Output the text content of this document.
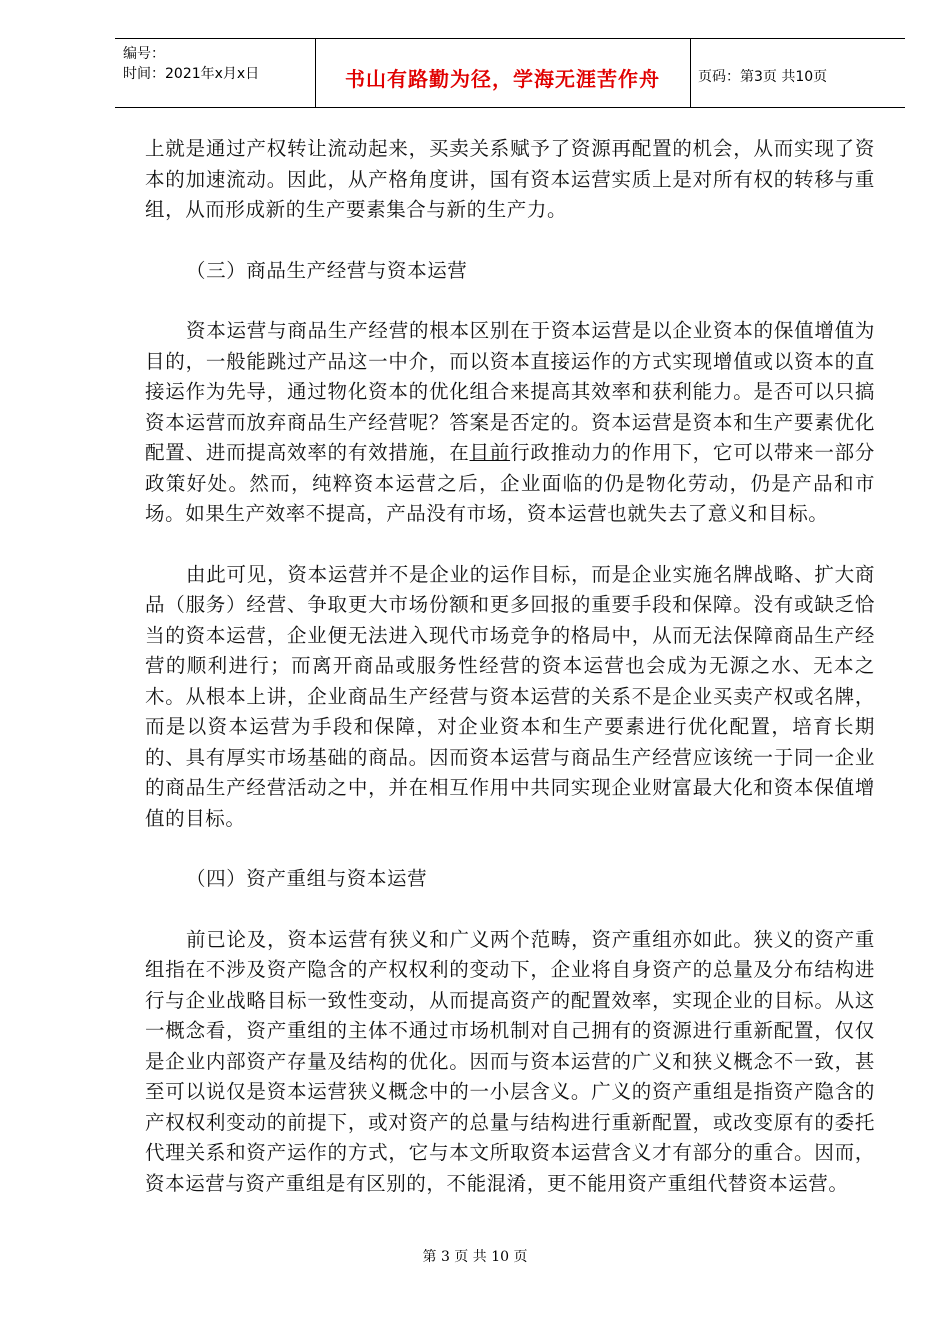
编号：
时间：2021年x月x日	书山有路勤为径，学海无涯苦作舟	页码：第3页 共10页

上就是通过产权转让流动起来，买卖关系赋予了资源再配置的机会，从而实现了资本的加速流动。因此，从产格角度讲，国有资本运营实质上是对所有权的转移与重组，从而形成新的生产要素集合与新的生产力。

（三）商品生产经营与资本运营

资本运营与商品生产经营的根本区别在于资本运营是以企业资本的保值增值为目的，一般能跳过产品这一中介，而以资本直接运作的方式实现增值或以资本的直接运作为先导，通过物化资本的优化组合来提高其效率和获利能力。是否可以只搞资本运营而放弃商品生产经营呢？答案是否定的。资本运营是资本和生产要素优化配置、进而提高效率的有效措施，在目前行政推动力的作用下，它可以带来一部分政策好处。然而，纯粹资本运营之后，企业面临的仍是物化劳动，仍是产品和市场。如果生产效率不提高，产品没有市场，资本运营也就失去了意义和目标。

由此可见，资本运营并不是企业的运作目标，而是企业实施名牌战略、扩大商品（服务）经营、争取更大市场份额和更多回报的重要手段和保障。没有或缺乏恰当的资本运营，企业便无法进入现代市场竞争的格局中，从而无法保障商品生产经营的顺利进行；而离开商品或服务性经营的资本运营也会成为无源之水、无本之木。从根本上讲，企业商品生产经营与资本运营的关系不是企业买卖产权或名牌，而是以资本运营为手段和保障，对企业资本和生产要素进行优化配置，培育长期的、具有厚实市场基础的商品。因而资本运营与商品生产经营应该统一于同一企业的商品生产经营活动之中，并在相互作用中共同实现企业财富最大化和资本保值增值的目标。

（四）资产重组与资本运营

前已论及，资本运营有狭义和广义两个范畴，资产重组亦如此。狭义的资产重组指在不涉及资产隐含的产权权利的变动下，企业将自身资产的总量及分布结构进行与企业战略目标一致性变动，从而提高资产的配置效率，实现企业的目标。从这一概念看，资产重组的主体不通过市场机制对自己拥有的资源进行重新配置，仅仅是企业内部资产存量及结构的优化。因而与资本运营的广义和狭义概念不一致，甚至可以说仅是资本运营狭义概念中的一小层含义。广义的资产重组是指资产隐含的产权权利变动的前提下，或对资产的总量与结构进行重新配置，或改变原有的委托代理关系和资产运作的方式，它与本文所取资本运营含义才有部分的重合。因而，资本运营与资产重组是有区别的，不能混淆，更不能用资产重组代替资本运营。

第 3 页 共 10 页
